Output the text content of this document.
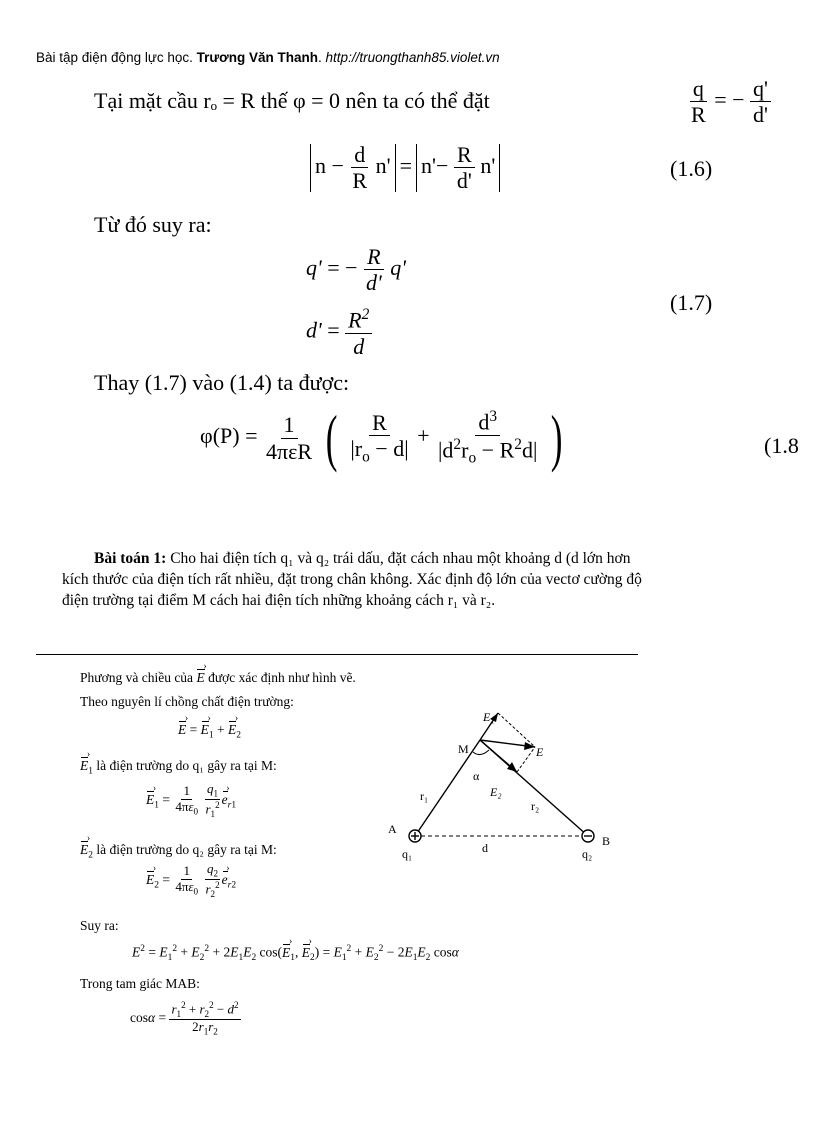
Bài tập điện động lực học. Trương Văn Thanh. http://truongthanh85.violet.vn
Tại mặt cầu rₒ = R thế φ = 0 nên ta có thể đặt	$\frac{q}{R}$ = − $\frac{q'}{d'}$
$n - \frac{d}{R} n' = n'- \frac{R}{d'} n'$	(1.6)
Từ đó suy ra:
q' = − $\frac{R}{d'} q'$
$d' = \frac{R^2}{d}$
(1.7)
Thay (1.7) vào (1.4) ta được:
$\varphi(P) = \frac{1}{\text{4πεR}}$ ( $\frac{R}{|r_o - d|} + \frac{d^3}{|d^2r_o - R^2d|}$ )	(1.8
Bài toán 1: Cho hai điện tích q₁ và q₂ trái dấu, đặt cách nhau một khoảng d (d lớn hơn kích thước của điện tích rất nhiều, đặt trong chân không. Xác định độ lớn của vectơ cường độ điện trường tại điểm M cách hai điện tích những khoảng cách r₁ và r₂.
Phương và chiều của E › được xác định như hình vẽ.
Theo nguyên lí chồng chất điện trường:
E › = E $›_1 + E$ $›_2$
E $›_1$ là điện trường do q₁ gây ra tại M:
E $›_1 = \frac{1}{4\pi\varepsilon_0}$
$\frac{q_1}{r_1^2}$ e $›_{r1}$
E $›_2$ là điện trường do q₂ gây ra tại M:
E $›_2 = \frac{1}{4\pi\varepsilon_0}$
$\frac{q_2}{r_2^2}$ e $›_{r2}$
Suy ra:
$E^2 = E_1^2 + E_2^2 + 2E_1E_2$ cos(E $›_1$, E $›_2) = E_1^2 + E_2^2 - 2E_1E_2$ cosα
Trong tam giác MAB:
$\cos\alpha = \frac{r_1^2 + r_2^2 - d^2}{2r_1r_2}$
E₁
E
M
α
E₂
r₁
r₂
A
B
q₁	d	q₂
